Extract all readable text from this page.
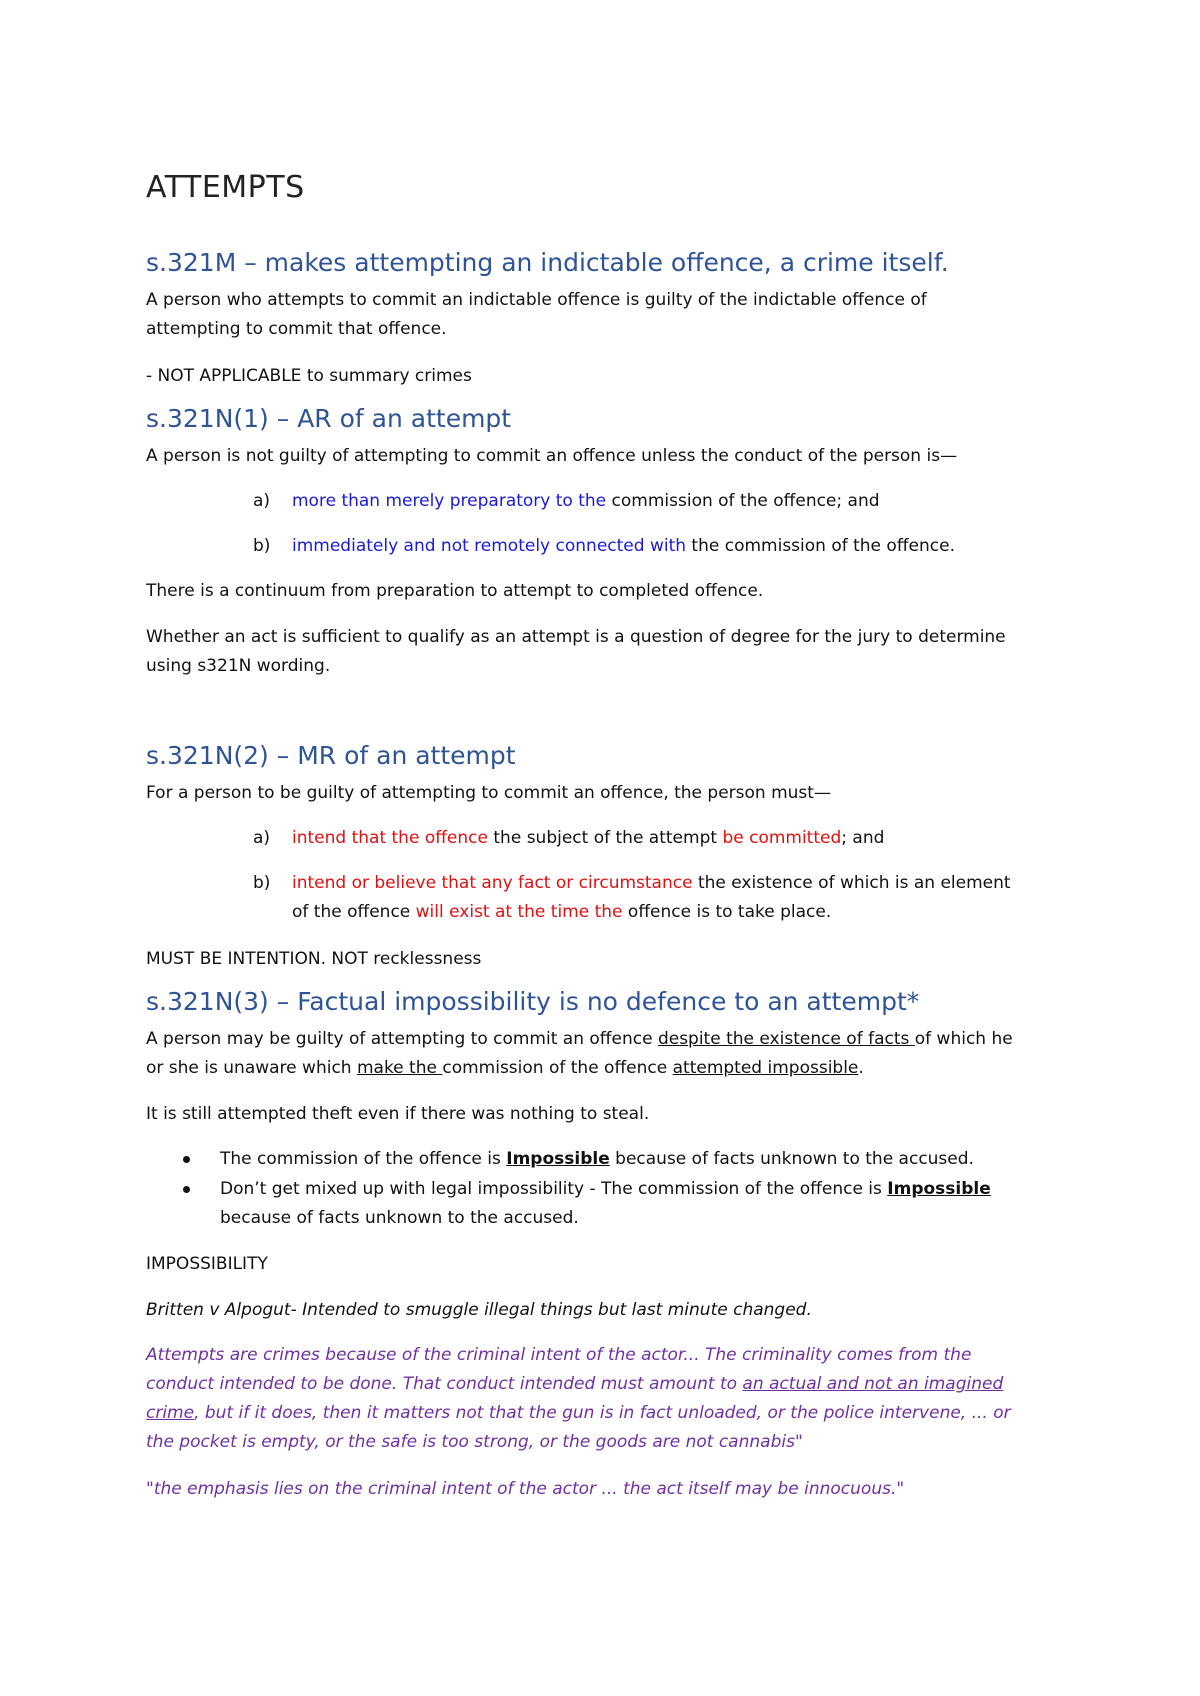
ATTEMPTS
s.321M – makes attempting an indictable offence, a crime itself.
A person who attempts to commit an indictable offence is guilty of the indictable offence of
attempting to commit that offence.
- NOT APPLICABLE to summary crimes
s.321N(1) – AR of an attempt
A person is not guilty of attempting to commit an offence unless the conduct of the person is—
a) more than merely preparatory to the commission of the offence; and
b) immediately and not remotely connected with the commission of the offence.
There is a continuum from preparation to attempt to completed offence.
Whether an act is sufficient to qualify as an attempt is a question of degree for the jury to determine
using s321N wording.
s.321N(2) – MR of an attempt
For a person to be guilty of attempting to commit an offence, the person must—
a) intend that the offence the subject of the attempt be committed; and
b) intend or believe that any fact or circumstance the existence of which is an element
of the offence will exist at the time the offence is to take place.
MUST BE INTENTION. NOT recklessness
s.321N(3) – Factual impossibility is no defence to an attempt*
A person may be guilty of attempting to commit an offence despite the existence of facts of which he
or she is unaware which make the commission of the offence attempted impossible.
It is still attempted theft even if there was nothing to steal.
The commission of the offence is Impossible because of facts unknown to the accused.
Don’t get mixed up with legal impossibility - The commission of the offence is Impossible
because of facts unknown to the accused.
IMPOSSIBILITY
Britten v Alpogut- Intended to smuggle illegal things but last minute changed.
Attempts are crimes because of the criminal intent of the actor... The criminality comes from the
conduct intended to be done. That conduct intended must amount to an actual and not an imagined
crime, but if it does, then it matters not that the gun is in fact unloaded, or the police intervene, ... or
the pocket is empty, or the safe is too strong, or the goods are not cannabis"
"the emphasis lies on the criminal intent of the actor ... the act itself may be innocuous."
